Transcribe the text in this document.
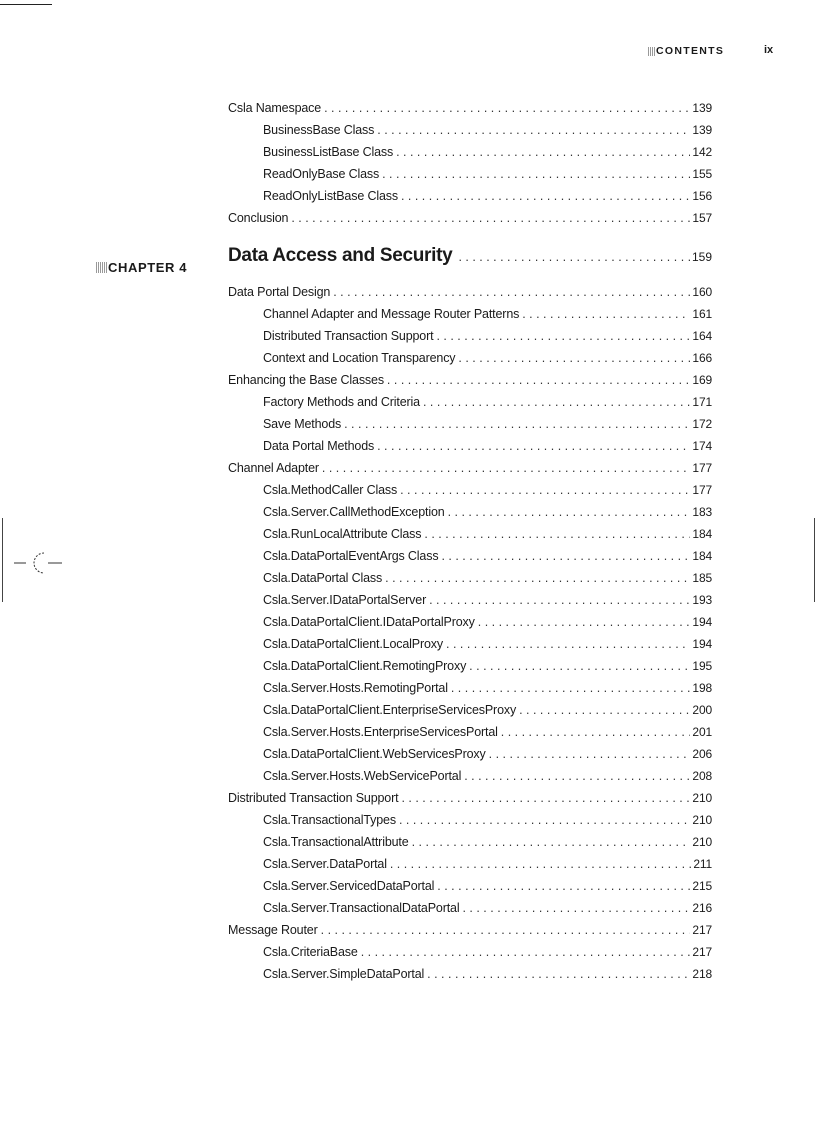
CONTENTS	ix
CHAPTER 4
Csla Namespace . . .	139
BusinessBase Class . . .	139
BusinessListBase Class . . .	142
ReadOnlyBase Class . . .	155
ReadOnlyListBase Class . . .	156
Conclusion . . .	157
Data Access and Security . . .	159
Data Portal Design . . .	160
Channel Adapter and Message Router Patterns . . .	161
Distributed Transaction Support . . .	164
Context and Location Transparency . . .	166
Enhancing the Base Classes . . .	169
Factory Methods and Criteria . . .	171
Save Methods . . .	172
Data Portal Methods . . .	174
Channel Adapter . . .	177
Csla.MethodCaller Class . . .	177
Csla.Server.CallMethodException . . .	183
Csla.RunLocalAttribute Class . . .	184
Csla.DataPortalEventArgs Class . . .	184
Csla.DataPortal Class . . .	185
Csla.Server.IDataPortalServer . . .	193
Csla.DataPortalClient.IDataPortalProxy . . .	194
Csla.DataPortalClient.LocalProxy . . .	194
Csla.DataPortalClient.RemotingProxy . . .	195
Csla.Server.Hosts.RemotingPortal . . .	198
Csla.DataPortalClient.EnterpriseServicesProxy . . .	200
Csla.Server.Hosts.EnterpriseServicesPortal . . .	201
Csla.DataPortalClient.WebServicesProxy . . .	206
Csla.Server.Hosts.WebServicePortal . . .	208
Distributed Transaction Support . . .	210
Csla.TransactionalTypes . . .	210
Csla.TransactionalAttribute . . .	210
Csla.Server.DataPortal . . .	211
Csla.Server.ServicedDataPortal . . .	215
Csla.Server.TransactionalDataPortal . . .	216
Message Router . . .	217
Csla.CriteriaBase . . .	217
Csla.Server.SimpleDataPortal . . .	218
